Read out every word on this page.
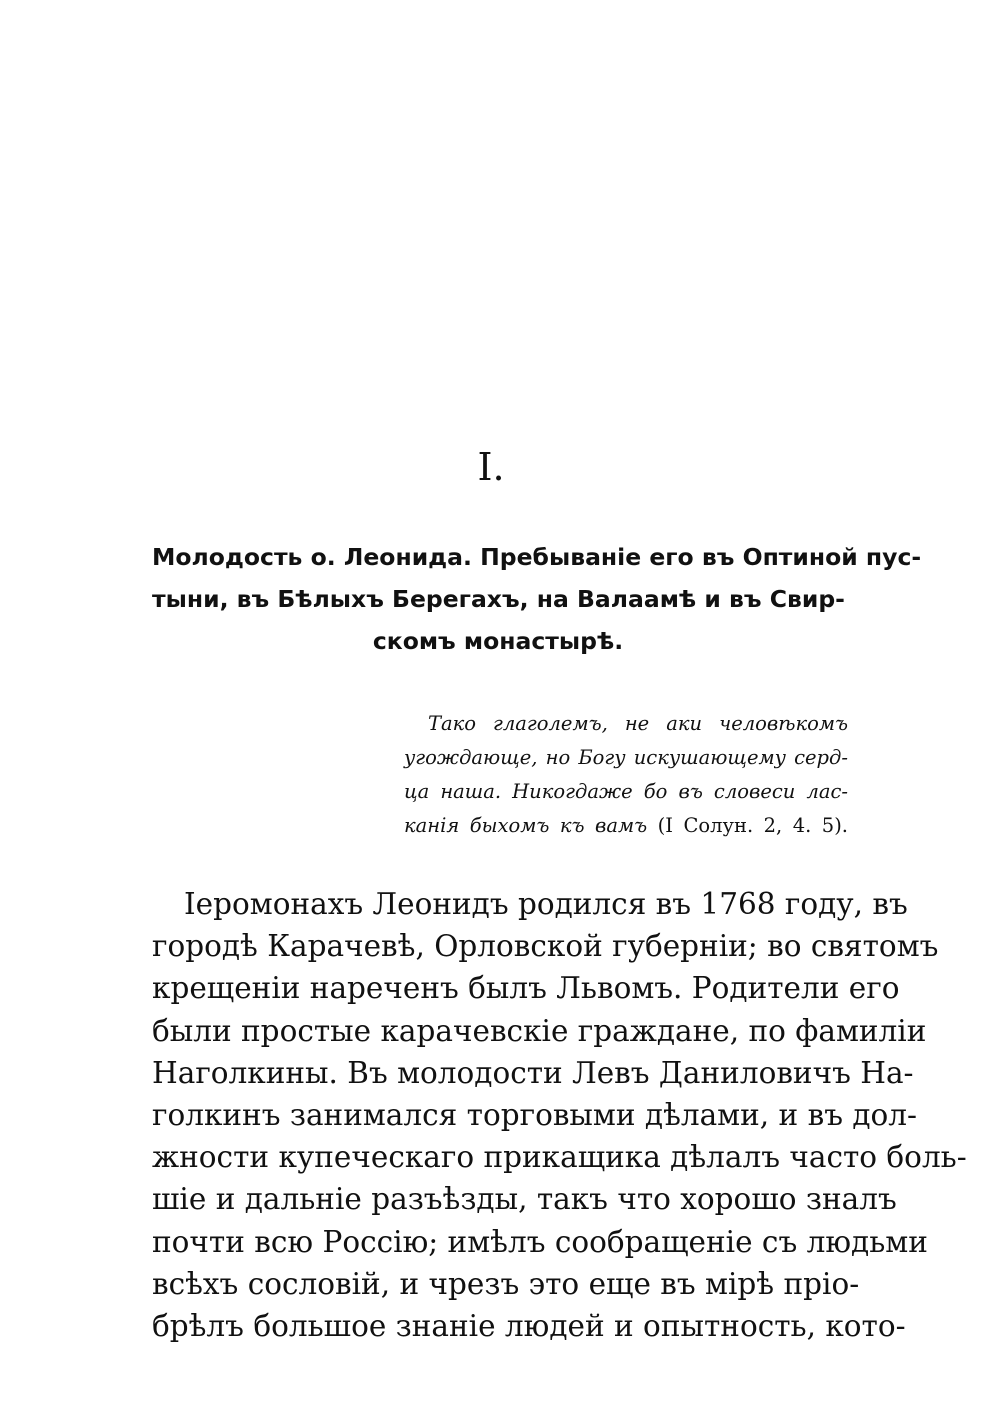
I.
Молодость о. Леонида. Пребываніе его въ Оптиной пус-
тыни, въ Бѣлыхъ Берегахъ, на Валаамѣ и въ Свир-
скомъ монастырѣ.
Тако глаголемъ, не аки человѣкомъ
угождающе, но Богу искушающему серд-
ца наша. Никогдаже бо въ словеси лас-
канія быхомъ къ вамъ (I Солун. 2, 4. 5).
Іеромонахъ Леонидъ родился въ 1768 году, въ
городѣ Карачевѣ, Орловской губерніи; во святомъ
крещеніи нареченъ былъ Львомъ. Родители его
были простые карачевскіе граждане, по фамиліи
Наголкины. Въ молодости Левъ Даниловичъ На-
голкинъ занимался торговыми дѣлами, и въ дол-
жности купеческаго прикащика дѣлалъ часто боль-
шіе и дальніе разъѣзды, такъ что хорошо зналъ
почти всю Россію; имѣлъ сообращеніе съ людьми
всѣхъ сословій, и чрезъ это еще въ мірѣ пріо-
брѣлъ большое знаніе людей и опытность, кото-
